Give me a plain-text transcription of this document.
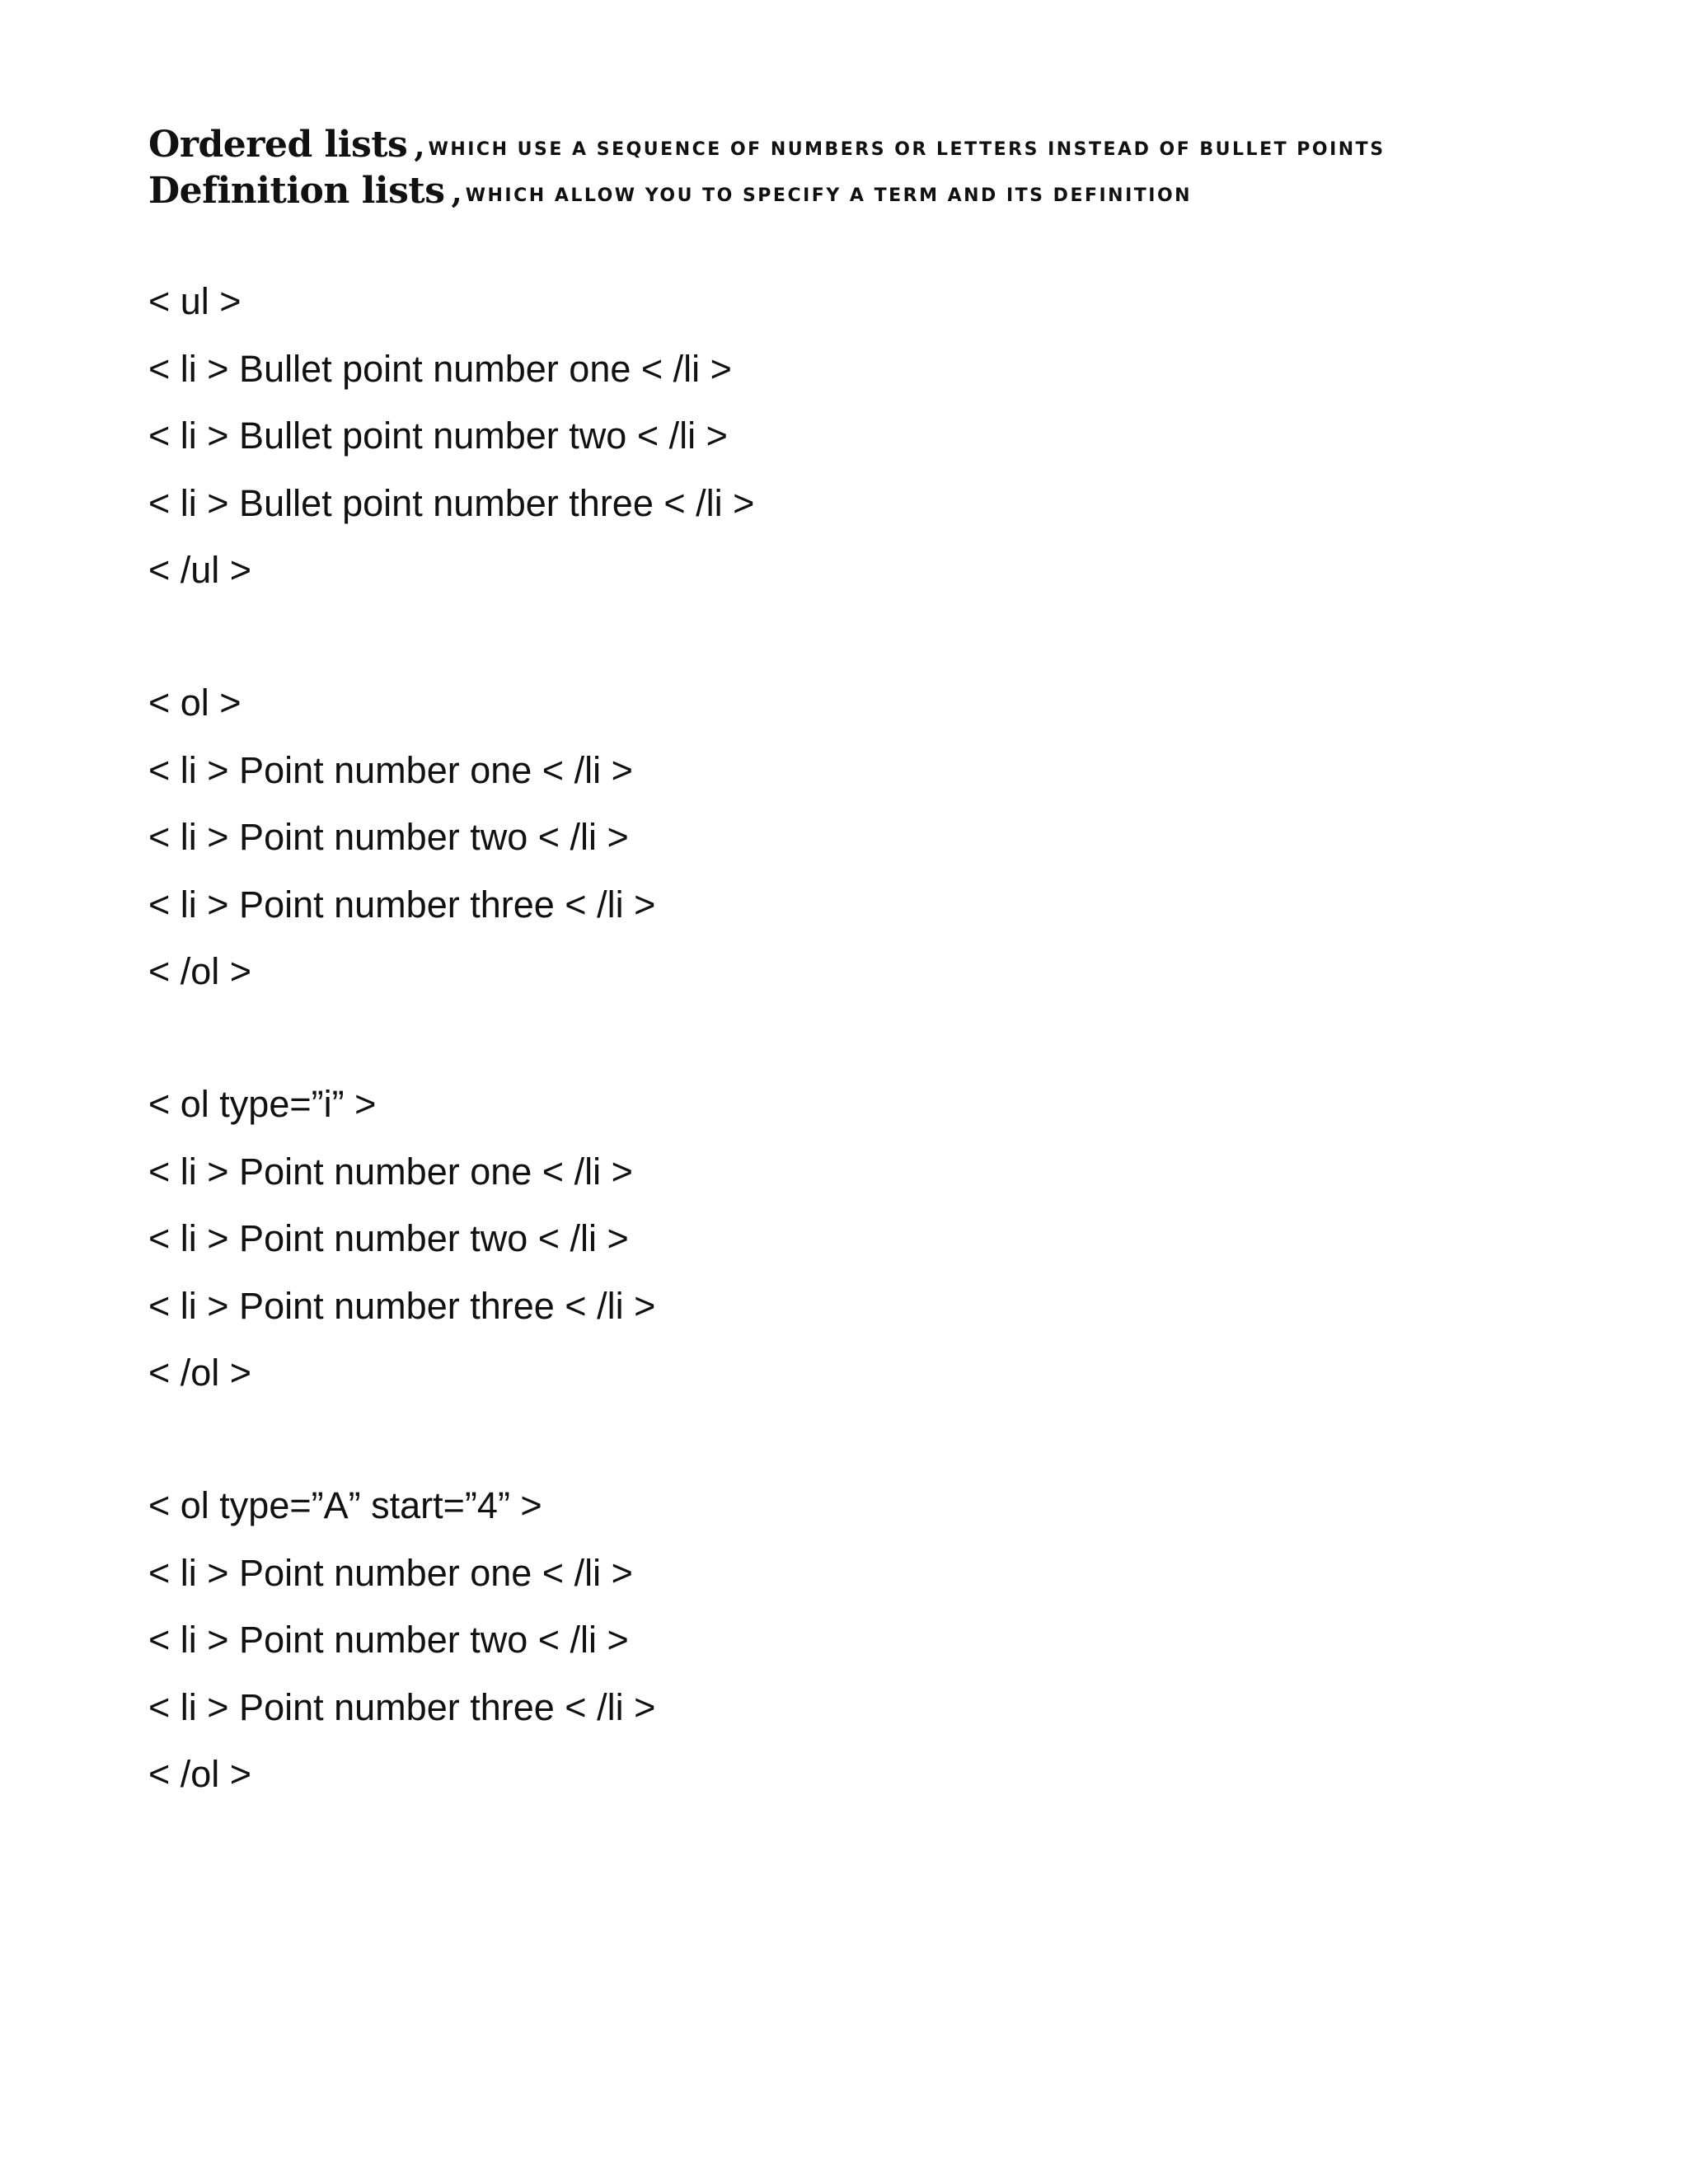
Ordered lists , WHICH USE A SEQUENCE OF NUMBERS OR LETTERS INSTEAD OF BULLET POINTS
Definition lists , WHICH ALLOW YOU TO SPECIFY A TERM AND ITS DEFINITION
< ul >
< li > Bullet point number one < /li >
< li > Bullet point number two < /li >
< li > Bullet point number three < /li >
< /ul >
< ol >
< li > Point number one < /li >
< li > Point number two < /li >
< li > Point number three < /li >
< /ol >
< ol type=”i” >
< li > Point number one < /li >
< li > Point number two < /li >
< li > Point number three < /li >
< /ol >
< ol type=”A” start=”4” >
< li > Point number one < /li >
< li > Point number two < /li >
< li > Point number three < /li >
< /ol >
